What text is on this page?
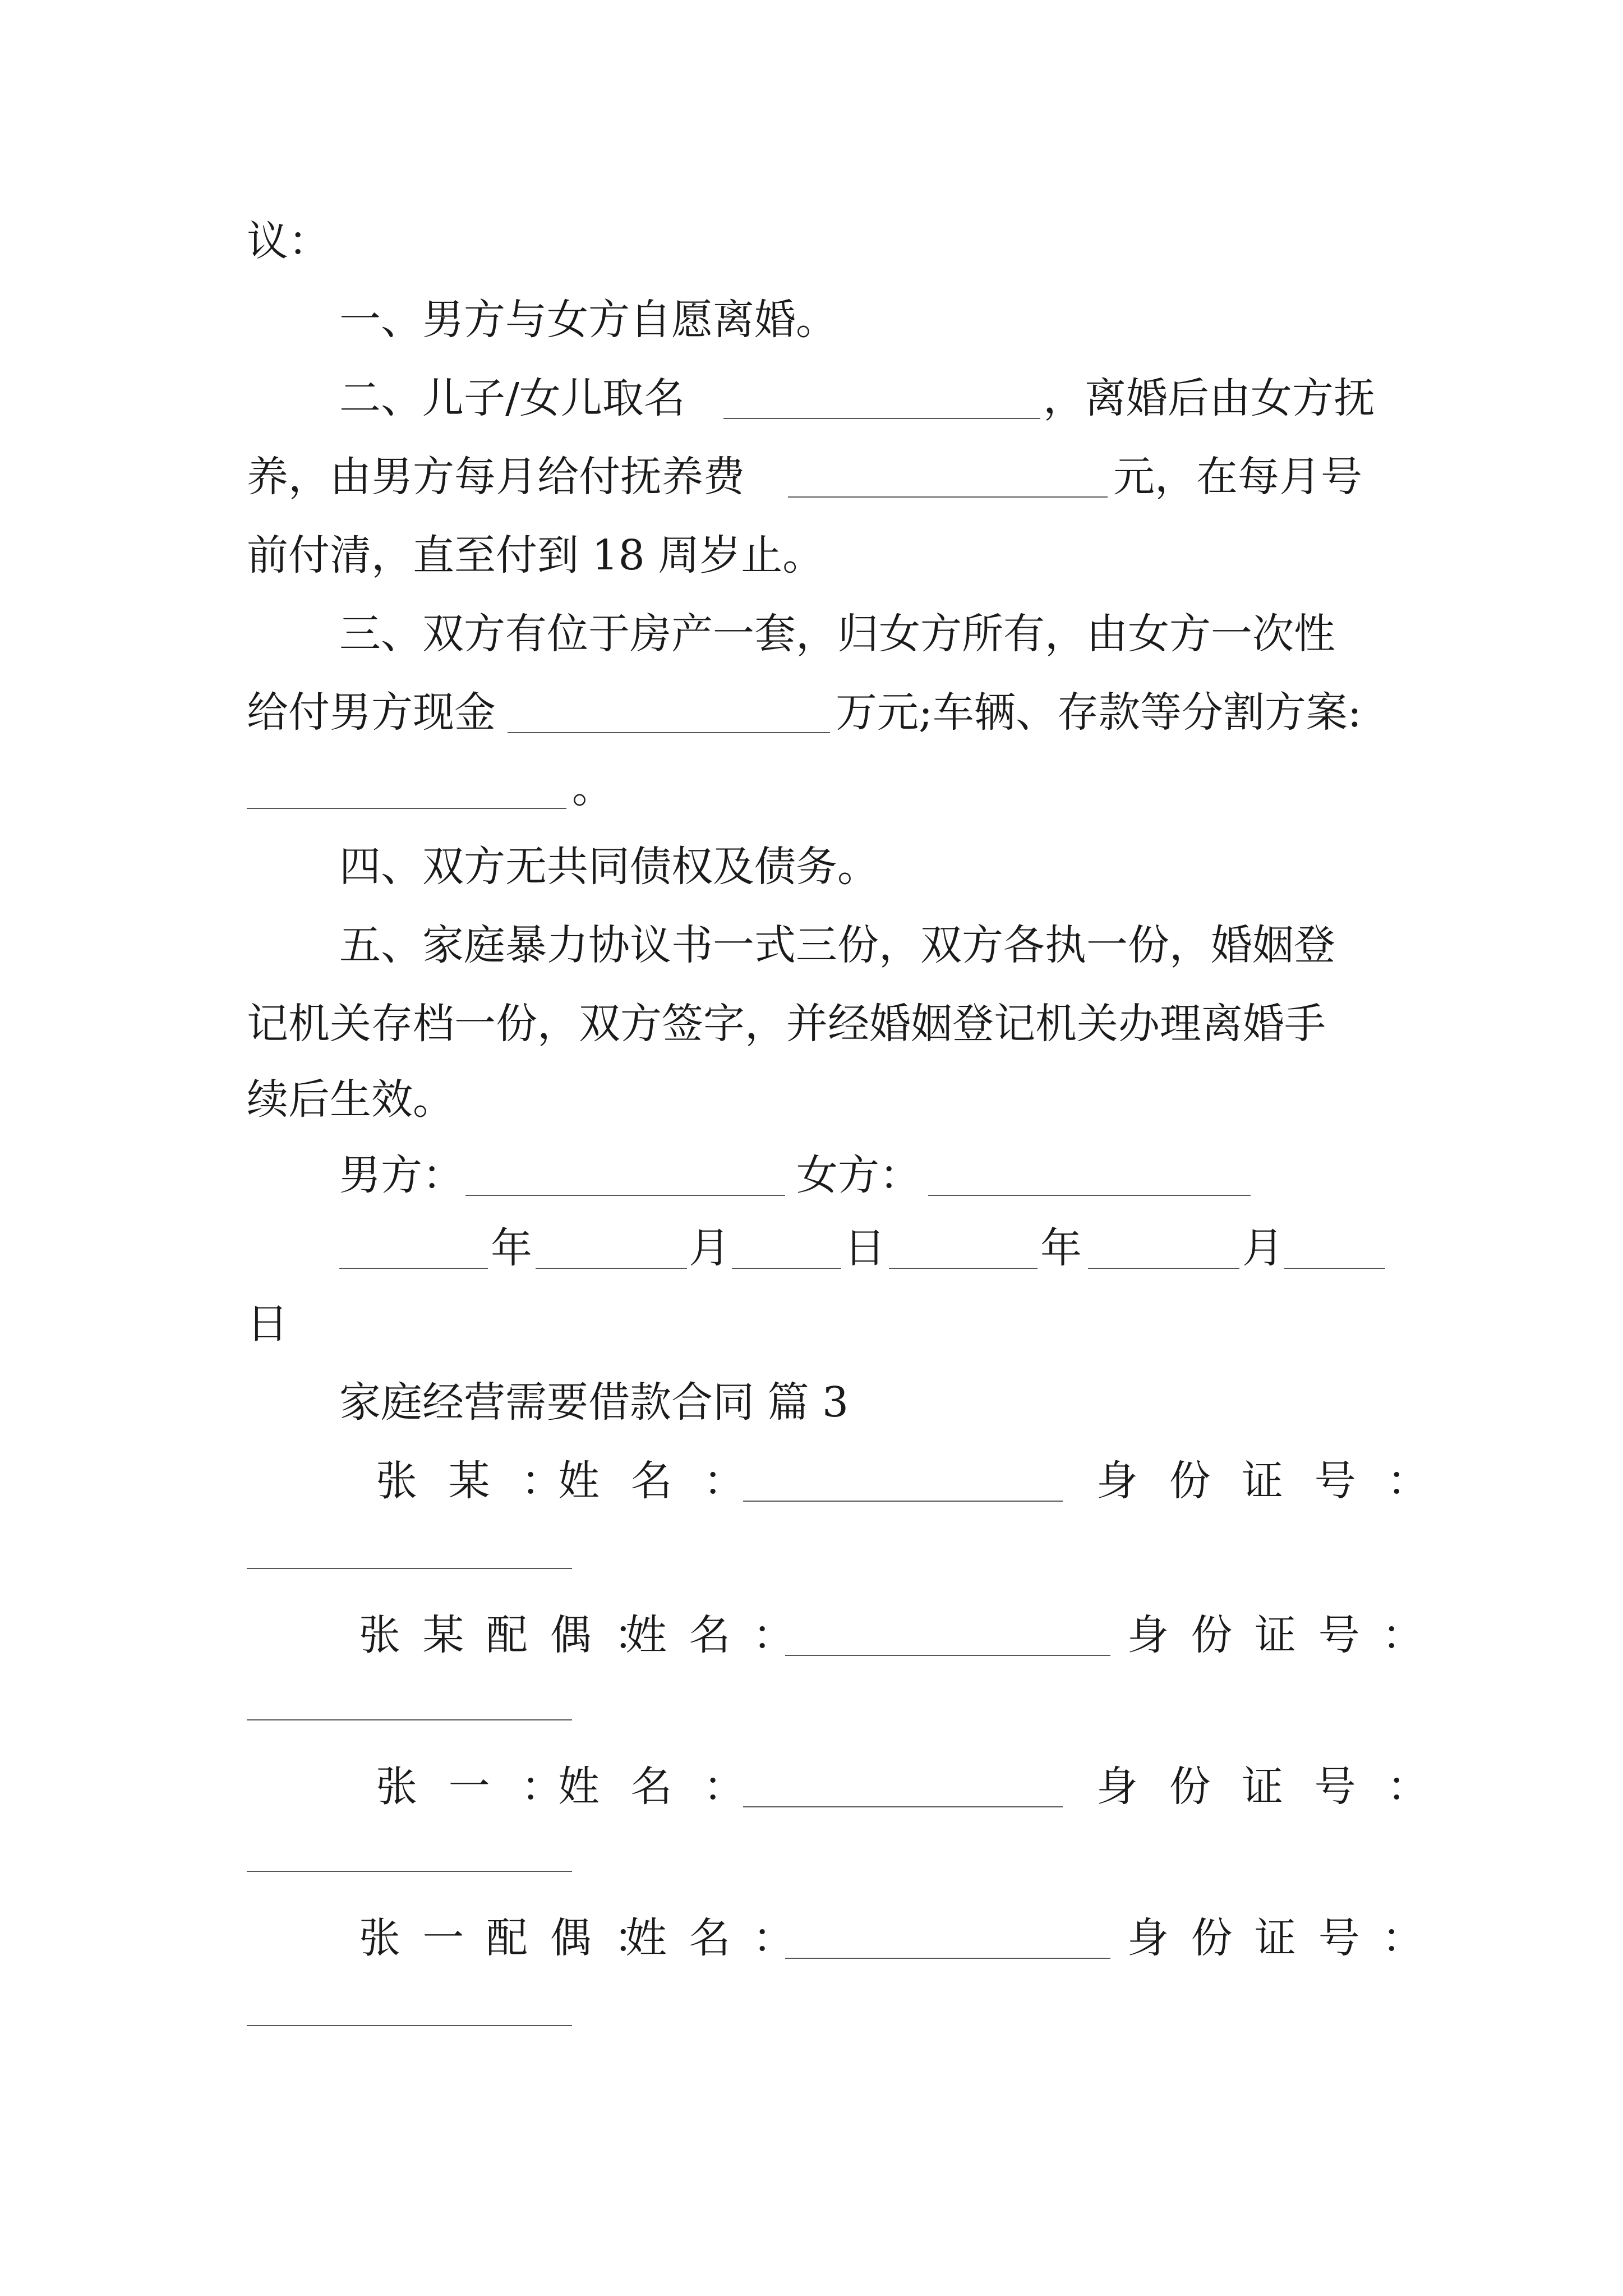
议：
一、男方与女方自愿离婚。
二、儿子/女儿取名	，离婚后由女方抚
养，由男方每月给付抚养费	元，在每月号
前付清，直至付到 18 周岁止。
三、双方有位于房产一套，归女方所有，由女方一次性
给付男方现金	万元;车辆、存款等分割方案:
。
四、双方无共同债权及债务。
五、家庭暴力协议书一式三份，双方各执一份，婚姻登
记机关存档一份，双方签字，并经婚姻登记机关办理离婚手
续后生效。
男方：	女方：
年	月	日	年	月
日
家庭经营需要借款合同 篇 3
张 某 ：
姓 名 ：	身 份 证 号 ：
张 某 配 偶 ：
姓 名 ：	身 份 证 号 ：
张 一 ：
姓 名 ：	身 份 证 号 ：
张 一 配 偶 ：
姓 名 ：	身 份 证 号 ：
